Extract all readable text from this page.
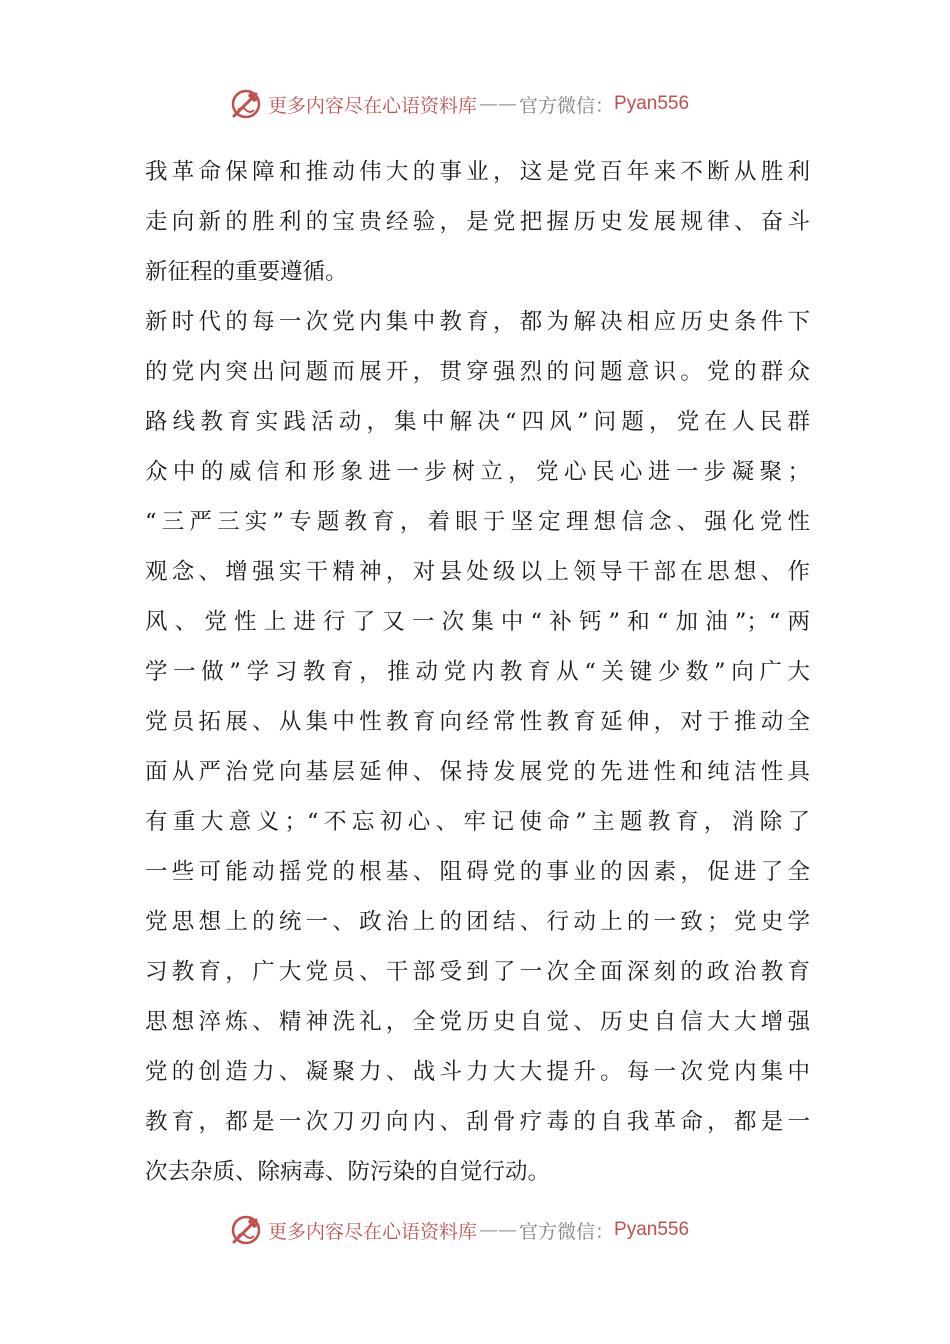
更多内容尽在心语资料库 —— 官方微信： Pyan556
我革命保障和推动伟大的事业，这是党百年来不断从胜利
走向新的胜利的宝贵经验，是党把握历史发展规律、奋斗
新征程的重要遵循。
新时代的每一次党内集中教育，都为解决相应历史条件下
的党内突出问题而展开，贯穿强烈的问题意识。党的群众
路线教育实践活动，集中解决“四风”问题，党在人民群
众中的威信和形象进一步树立，党心民心进一步凝聚；
“三严三实”专题教育，着眼于坚定理想信念、强化党性
观念、增强实干精神，对县处级以上领导干部在思想、作
风、党性上进行了又一次集中“补钙”和“加油”；“两
学一做”学习教育，推动党内教育从“关键少数”向广大
党员拓展、从集中性教育向经常性教育延伸，对于推动全
面从严治党向基层延伸、保持发展党的先进性和纯洁性具
有重大意义；“不忘初心、牢记使命”主题教育，消除了
一些可能动摇党的根基、阻碍党的事业的因素，促进了全
党思想上的统一、政治上的团结、行动上的一致；党史学
习教育，广大党员、干部受到了一次全面深刻的政治教育
思想淬炼、精神洗礼，全党历史自觉、历史自信大大增强
党的创造力、凝聚力、战斗力大大提升。每一次党内集中
教育，都是一次刀刃向内、刮骨疗毒的自我革命，都是一
次去杂质、除病毒、防污染的自觉行动。
更多内容尽在心语资料库 —— 官方微信： Pyan556
